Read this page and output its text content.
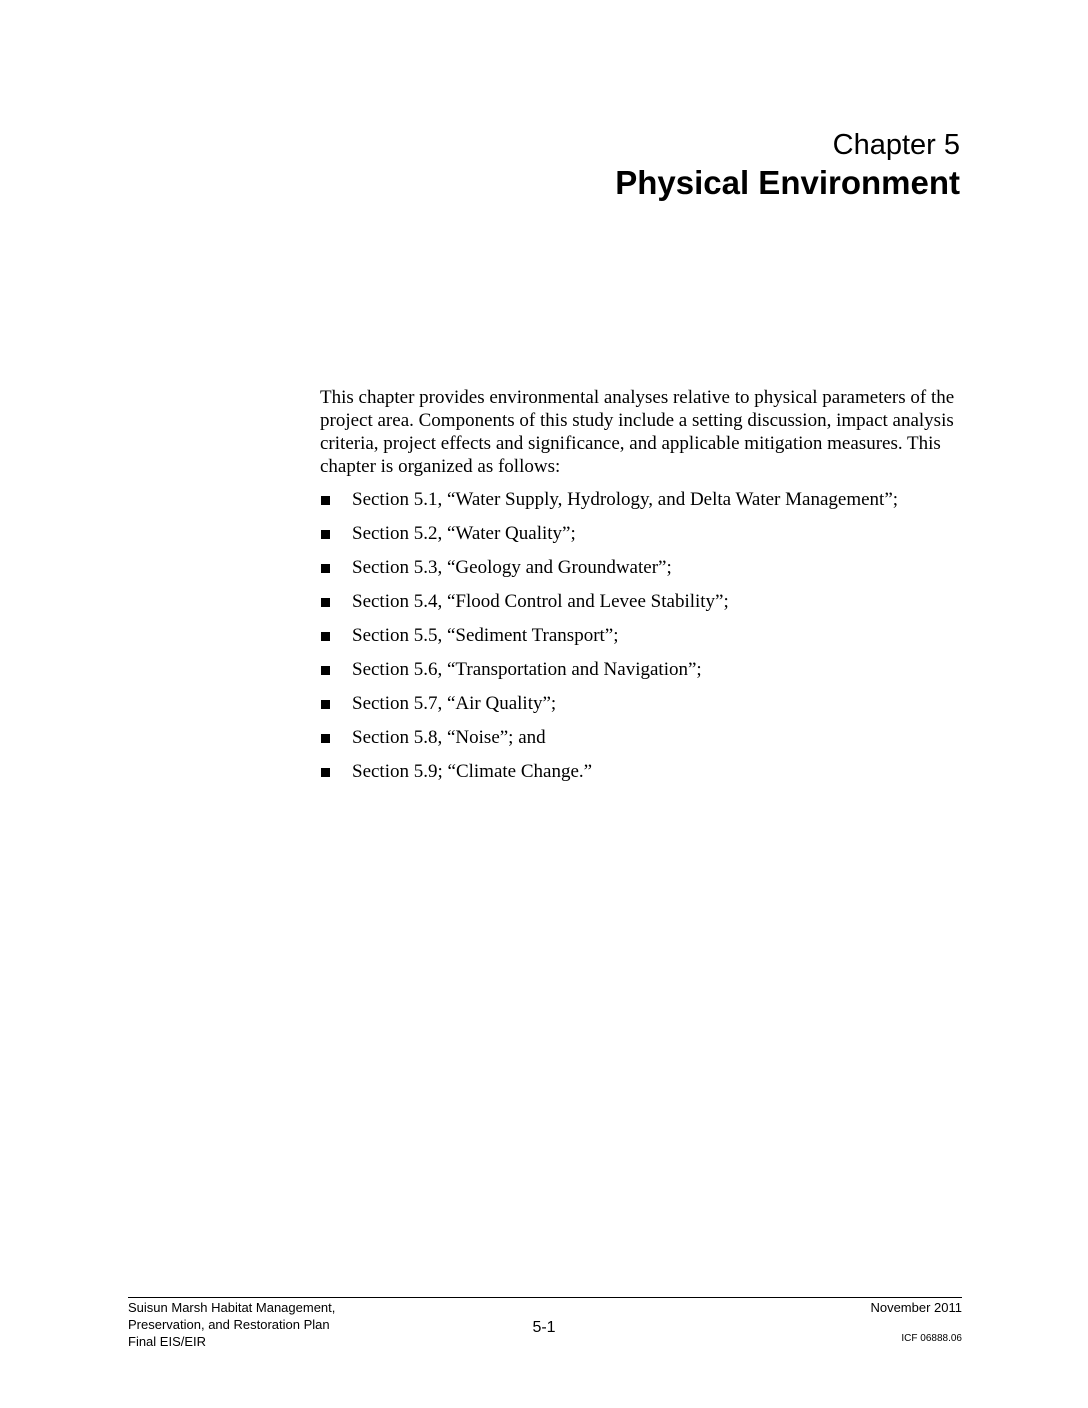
Chapter 5
Physical Environment

This chapter provides environmental analyses relative to physical parameters of the project area. Components of this study include a setting discussion, impact analysis criteria, project effects and significance, and applicable mitigation measures. This chapter is organized as follows:

Section 5.1, “Water Supply, Hydrology, and Delta Water Management”;
Section 5.2, “Water Quality”;
Section 5.3, “Geology and Groundwater”;
Section 5.4, “Flood Control and Levee Stability”;
Section 5.5, “Sediment Transport”;
Section 5.6, “Transportation and Navigation”;
Section 5.7, “Air Quality”;
Section 5.8, “Noise”; and
Section 5.9; “Climate Change.”
Suisun Marsh Habitat Management,
Preservation, and Restoration Plan
Final EIS/EIR
5-1
November 2011
ICF 06888.06
